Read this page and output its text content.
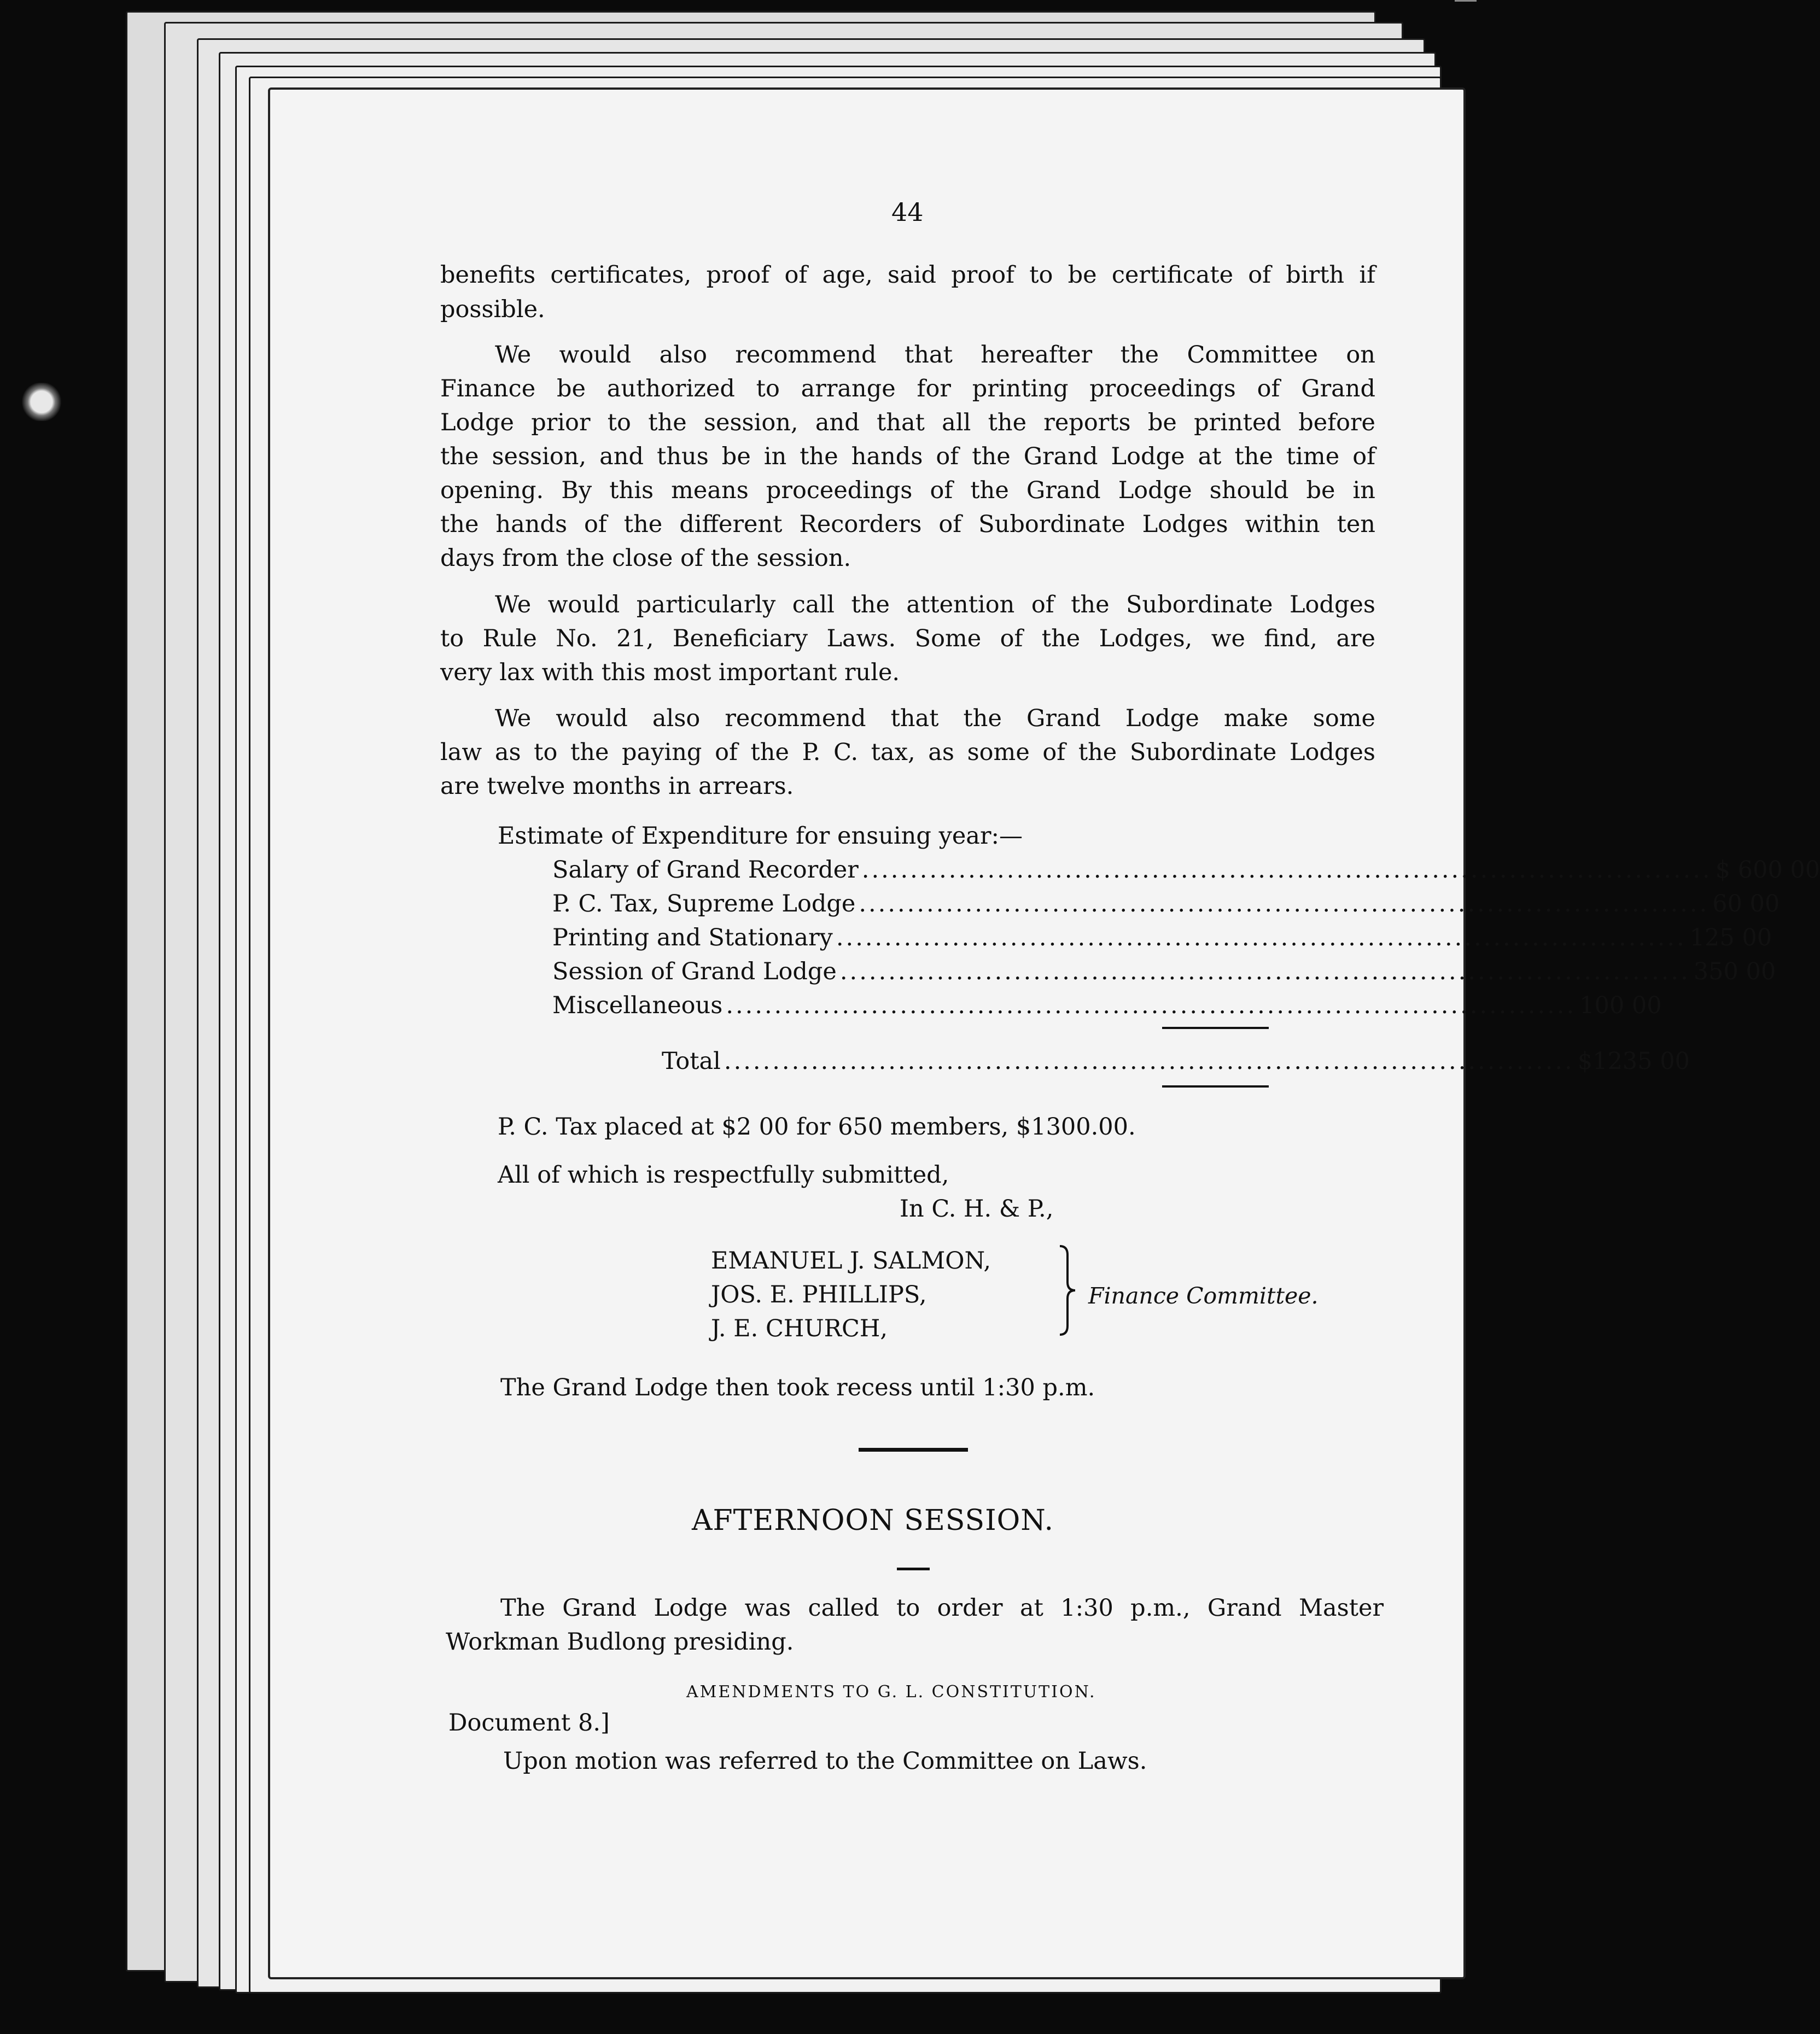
44
benefits certificates, proof of age, said proof to be certificate of birth if
possible.
We would also recommend that hereafter the Committee on
Finance be authorized to arrange for printing proceedings of Grand
Lodge prior to the session, and that all the reports be printed before
the session, and thus be in the hands of the Grand Lodge at the time of
opening. By this means proceedings of the Grand Lodge should be in
the hands of the different Recorders of Subordinate Lodges within ten
days from the close of the session.
We would particularly call the attention of the Subordinate Lodges
to Rule No. 21, Beneficiary Laws. Some of the Lodges, we find, are
very lax with this most important rule.
We would also recommend that the Grand Lodge make some
law as to the paying of the P. C. tax, as some of the Subordinate Lodges
are twelve months in arrears.
Estimate of Expenditure for ensuing year:—
Salary of Grand Recorder ........................................................................................ $ 600 00
P. C. Tax, Supreme Lodge ........................................................................................ 60 00
Printing and Stationary ........................................................................................ 125 00
Session of Grand Lodge ........................................................................................ 350 00
Miscellaneous ........................................................................................ 100 00
Total ........................................................................................ $1235 00
P. C. Tax placed at $2 00 for 650 members, $1300.00.
All of which is respectfully submitted,
In C. H. & P.,
EMANUEL J. SALMON,
JOS. E. PHILLIPS,
J. E. CHURCH,
Finance Committee.
The Grand Lodge then took recess until 1:30 p.m.
AFTERNOON SESSION.
The Grand Lodge was called to order at 1:30 p.m., Grand Master
Workman Budlong presiding.
AMENDMENTS TO G. L. CONSTITUTION.
Document 8.]
Upon motion was referred to the Committee on Laws.
